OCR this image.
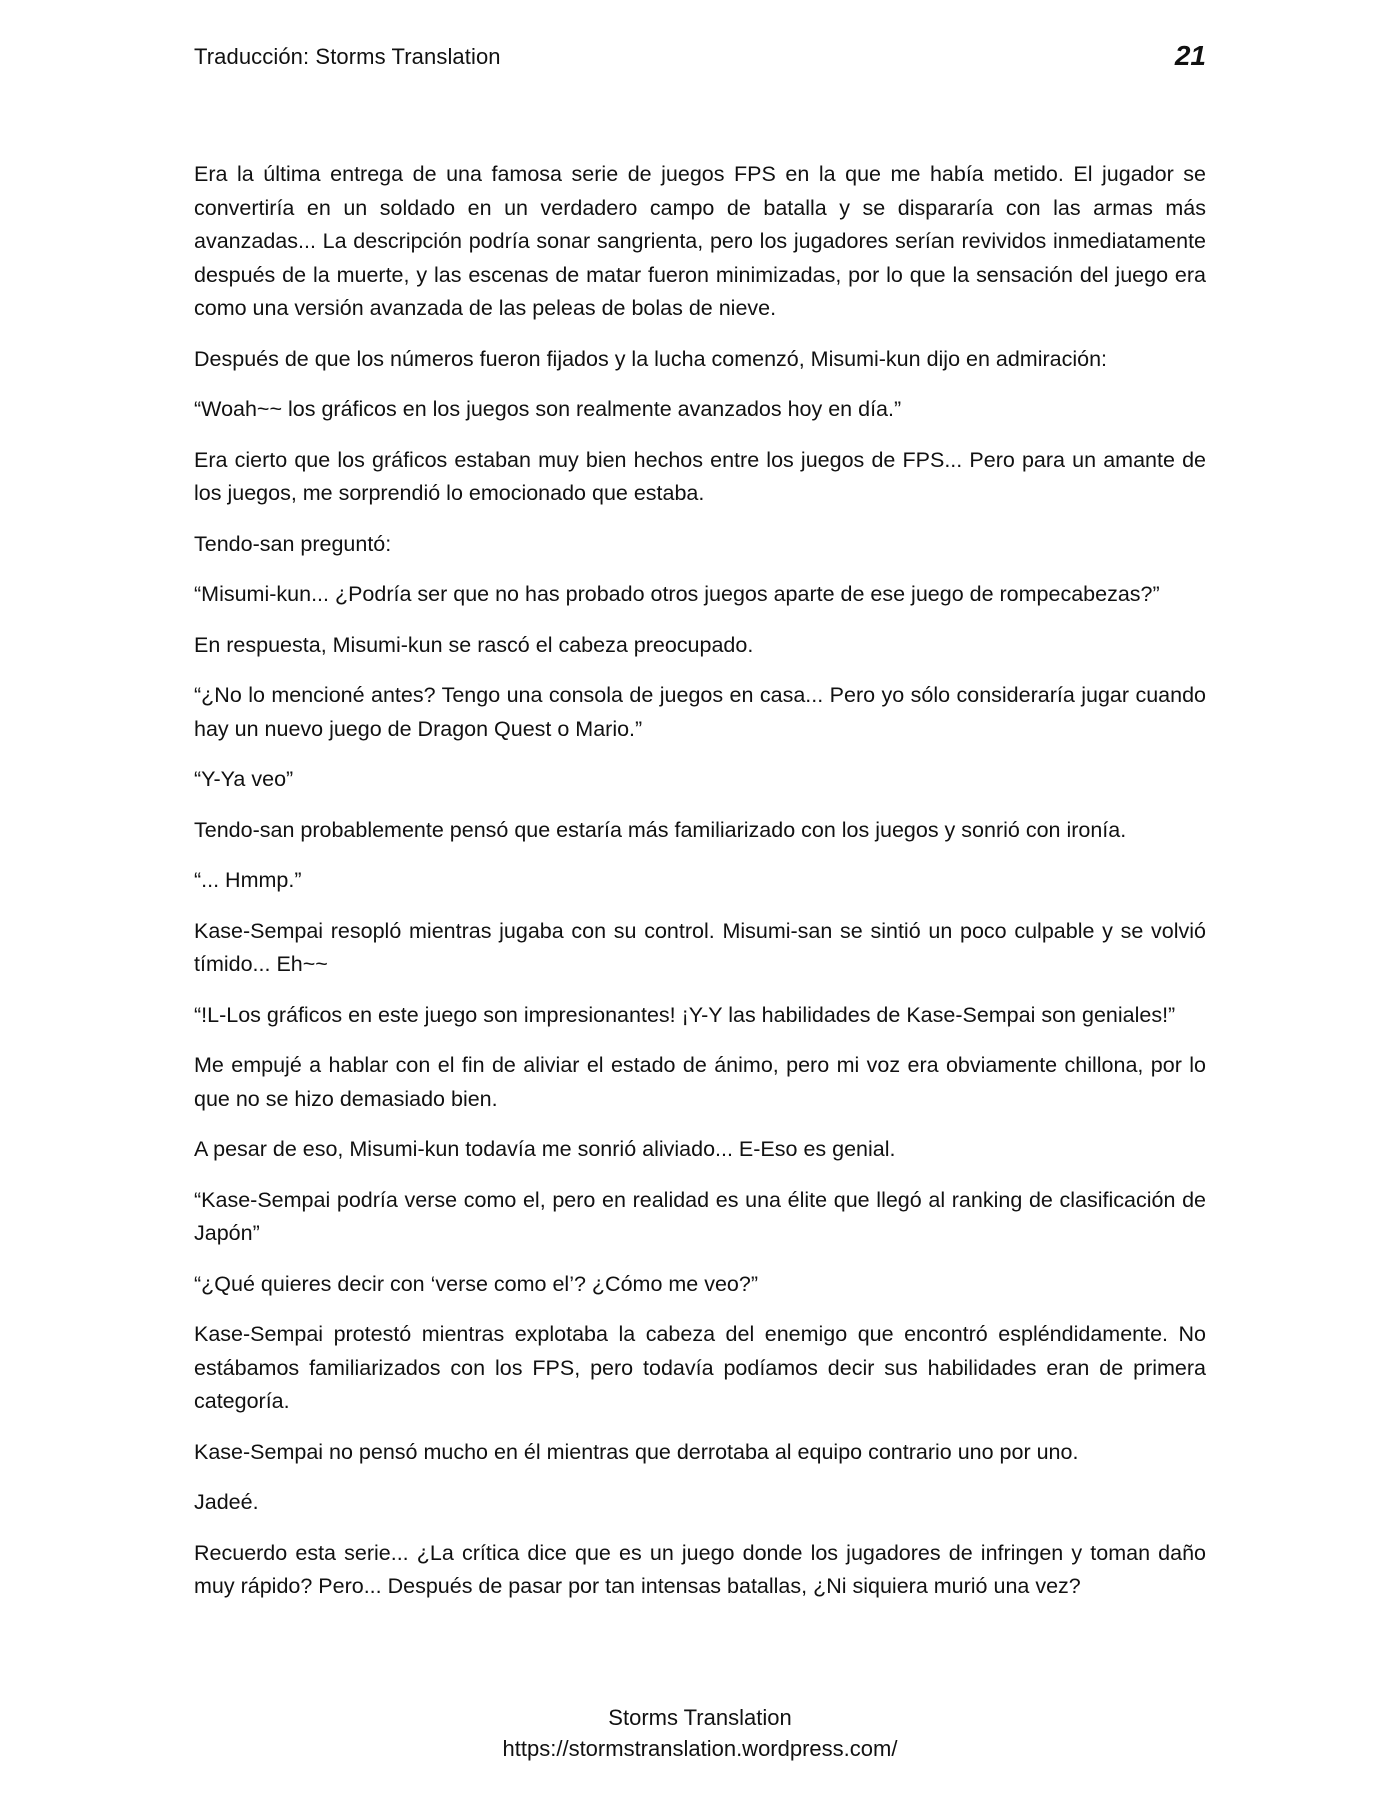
Traducción: Storms Translation	21

Era la última entrega de una famosa serie de juegos FPS en la que me había metido. El jugador se convertiría en un soldado en un verdadero campo de batalla y se dispararía con las armas más avanzadas... La descripción podría sonar sangrienta, pero los jugadores serían revividos inmediatamente después de la muerte, y las escenas de matar fueron minimizadas, por lo que la sensación del juego era como una versión avanzada de las peleas de bolas de nieve.

Después de que los números fueron fijados y la lucha comenzó, Misumi-kun dijo en admiración:

“Woah~~ los gráficos en los juegos son realmente avanzados hoy en día.”

Era cierto que los gráficos estaban muy bien hechos entre los juegos de FPS... Pero para un amante de los juegos, me sorprendió lo emocionado que estaba.

Tendo-san preguntó:

“Misumi-kun... ¿Podría ser que no has probado otros juegos aparte de ese juego de rompecabezas?”

En respuesta, Misumi-kun se rascó el cabeza preocupado.

“¿No lo mencioné antes? Tengo una consola de juegos en casa... Pero yo sólo consideraría jugar cuando hay un nuevo juego de Dragon Quest o Mario.”

“Y-Ya veo”

Tendo-san probablemente pensó que estaría más familiarizado con los juegos y sonrió con ironía.

“... Hmmp.”

Kase-Sempai resopló mientras jugaba con su control. Misumi-san se sintió un poco culpable y se volvió tímido... Eh~~

“!L-Los gráficos en este juego son impresionantes! ¡Y-Y las habilidades de Kase-Sempai son geniales!”

Me empujé a hablar con el fin de aliviar el estado de ánimo, pero mi voz era obviamente chillona, por lo que no se hizo demasiado bien.

A pesar de eso, Misumi-kun todavía me sonrió aliviado... E-Eso es genial.

“Kase-Sempai podría verse como el, pero en realidad es una élite que llegó al ranking de clasificación de Japón”

“¿Qué quieres decir con ‘verse como el’? ¿Cómo me veo?”

Kase-Sempai protestó mientras explotaba la cabeza del enemigo que encontró espléndidamente. No estábamos familiarizados con los FPS, pero todavía podíamos decir sus habilidades eran de primera categoría.

Kase-Sempai no pensó mucho en él mientras que derrotaba al equipo contrario uno por uno.

Jadeé.

Recuerdo esta serie... ¿La crítica dice que es un juego donde los jugadores de infringen y toman daño muy rápido? Pero... Después de pasar por tan intensas batallas, ¿Ni siquiera murió una vez?

Storms Translation
https://stormstranslation.wordpress.com/
